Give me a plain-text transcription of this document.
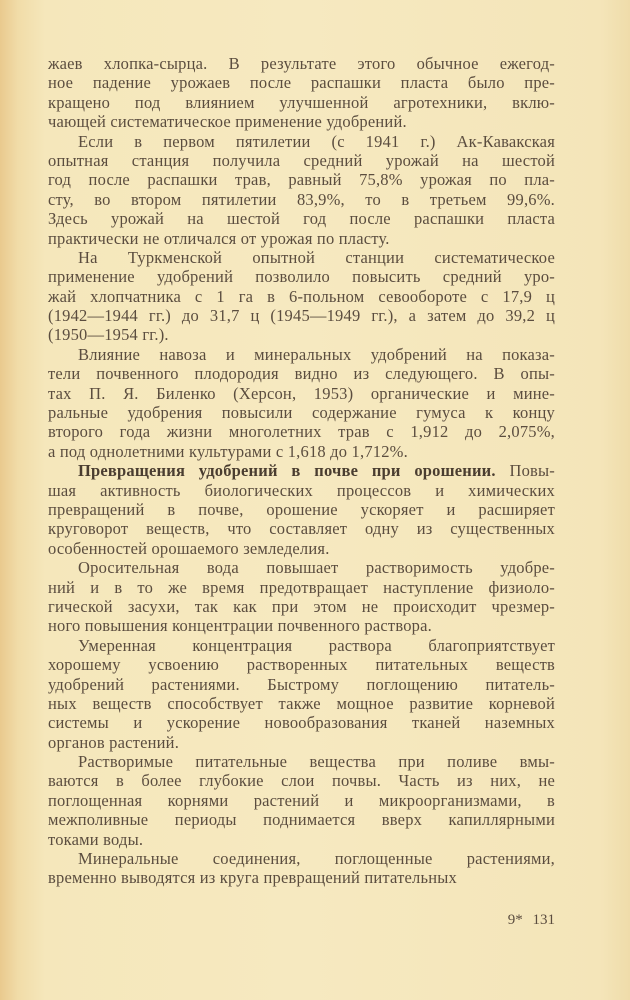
жаев хлопка-сырца. В результате этого обычное ежегод-
ное падение урожаев после распашки пласта было пре-
кращено под влиянием улучшенной агротехники, вклю-
чающей систематическое применение удобрений.
Если в первом пятилетии (с 1941 г.) Ак-Кавакская
опытная станция получила средний урожай на шестой
год после распашки трав, равный 75,8% урожая по пла-
сту, во втором пятилетии 83,9%, то в третьем 99,6%.
Здесь урожай на шестой год после распашки пласта
практически не отличался от урожая по пласту.
На Туркменской опытной станции систематическое
применение удобрений позволило повысить средний уро-
жай хлопчатника с 1 га в 6-польном севообороте с 17,9 ц
(1942—1944 гг.) до 31,7 ц (1945—1949 гг.), а затем до 39,2 ц
(1950—1954 гг.).
Влияние навоза и минеральных удобрений на показа-
тели почвенного плодородия видно из следующего. В опы-
тах П. Я. Биленко (Херсон, 1953) органические и мине-
ральные удобрения повысили содержание гумуса к концу
второго года жизни многолетних трав с 1,912 до 2,075%,
а под однолетними культурами с 1,618 до 1,712%.
Превращения удобрений в почве при орошении. Повы-
шая активность биологических процессов и химических
превращений в почве, орошение ускоряет и расширяет
круговорот веществ, что составляет одну из существенных
особенностей орошаемого земледелия.
Оросительная вода повышает растворимость удобре-
ний и в то же время предотвращает наступление физиоло-
гической засухи, так как при этом не происходит чрезмер-
ного повышения концентрации почвенного раствора.
Умеренная концентрация раствора благоприятствует
хорошему усвоению растворенных питательных веществ
удобрений растениями. Быстрому поглощению питатель-
ных веществ способствует также мощное развитие корневой
системы и ускорение новообразования тканей наземных
органов растений.
Растворимые питательные вещества при поливе вмы-
ваются в более глубокие слои почвы. Часть из них, не
поглощенная корнями растений и микроорганизмами, в
межполивные периоды поднимается вверх капиллярными
токами воды.
Минеральные соединения, поглощенные растениями,
временно выводятся из круга превращений питательных
9* 131
